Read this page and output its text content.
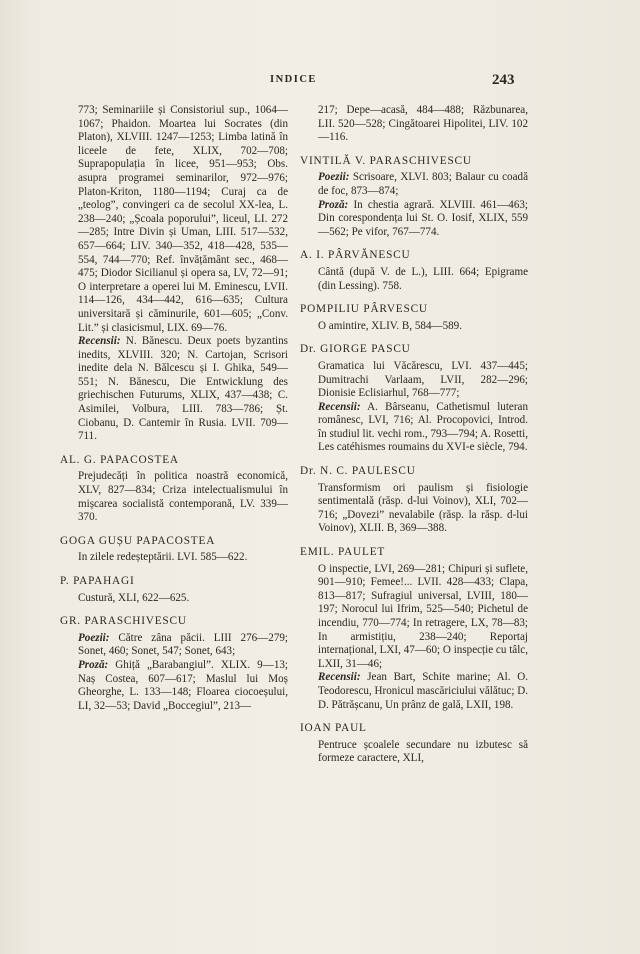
INDICE	243

773; Seminariile și Consistoriul sup., 1064—1067; Phaidon. Moartea lui Socrates (din Platon), XLVIII. 1247—1253; Limba latină în liceele de fete, XLIX, 702—708; Suprapopulația în licee, 951—953; Obs. asupra programei seminarilor, 972—976; Platon-Kriton, 1180—1194; Curaj ca de „teolog”, convingeri ca de secolul XX-lea, L. 238—240; „Școala poporului”, liceul, LI. 272—285; Intre Divin și Uman, LIII. 517—532, 657—664; LIV. 340—352, 418—428, 535—554, 744—770; Ref. învățământ sec., 468—475; Diodor Sicilianul și opera sa, LV, 72—91; O interpretare a operei lui M. Eminescu, LVII. 114—126, 434—442, 616—635; Cultura universitară și căminurile, 601—605; „Conv. Lit.” și clasicismul, LIX. 69—76.

Recensii: N. Bănescu. Deux poets byzantins inedits, XLVIII. 320; N. Cartojan, Scrisori inedite dela N. Bălcescu și I. Ghika, 549—551; N. Bănescu, Die Entwicklung des griechischen Futurums, XLIX, 437—438; C. Asimilei, Volbura, LIII. 783—786; Șt. Ciobanu, D. Cantemir în Rusia. LVII. 709—711.
AL. G. PAPACOSTEA

Prejudecăți în politica noastră economică, XLV, 827—834; Criza intelectualismului în mișcarea socialistă contemporană, LV. 339—370.

GOGA GUȘU PAPACOSTEA

In zilele redeșteptării. LVI. 585—622.

P. PAPAHAGI

Custură, XLI, 622—625.

GR. PARASCHIVESCU
Poezii: Către zâna păcii. LIII 276—279; Sonet, 460; Sonet, 547; Sonet, 643;
Proză: Ghiță „Barabangiul”. XLIX. 9—13; Naș Costea, 607—617; Maslul lui Moș Gheorghe, L. 133—148; Floarea ciocoeșului, LI, 32—53; David „Boccegiul”, 213—

217; Depe—acasă, 484—488; Răzbunarea, LII. 520—528; Cingătoarei Hipolitei, LIV. 102—116.

VINTILĂ V. PARASCHIVESCU
Poezii: Scrisoare, XLVI. 803; Balaur cu coadă de foc, 873—874;
Proză: In chestia agrară. XLVIII. 461—463; Din corespondența lui St. O. Iosif, XLIX, 559—562; Pe vifor, 767—774.
A. I. PÂRVĂNESCU

Cântă (după V. de L.), LIII. 664; Epigrame (din Lessing). 758.

POMPILIU PÂRVESCU

O amintire, XLIV. B, 584—589.

Dr. GIORGE PASCU

Gramatica lui Văcărescu, LVI. 437—445; Dumitrachi Varlaam, LVII, 282—296; Dionisie Eclisiarhul, 768—777;

Recensii: A. Bârseanu, Cathetismul luteran românesc, LVI, 716; Al. Procopovici, Introd. în studiul lit. vechi rom., 793—794; A. Rosetti, Les catéhismes roumains du XVI-e siècle, 794.
Dr. N. C. PAULESCU

Transformism ori paulism și fisiologie sentimentală (răsp. d-lui Voinov), XLI, 702—716; „Dovezi” nevalabile (răsp. la răsp. d-lui Voinov), XLII. B, 369—388.

EMIL. PAULET

O inspectie, LVI, 269—281; Chipuri și suflete, 901—910; Femee!... LVII. 428—433; Clapa, 813—817; Sufragiul universal, LVIII, 180—197; Norocul lui Ifrim, 525—540; Pichetul de incendiu, 770—774; In retragere, LX, 78—83; In armistițiu, 238—240; Reportaj internațional, LXI, 47—60; O inspecție cu tâlc, LXII, 31—46;

Recensii: Jean Bart, Schite marine; Al. O. Teodorescu, Hronicul mascăriciului vălătuc; D. D. Pătrășcanu, Un prânz de gală, LXII, 198.
IOAN PAUL

Pentruce școalele secundare nu izbutesc să formeze caractere, XLI,
